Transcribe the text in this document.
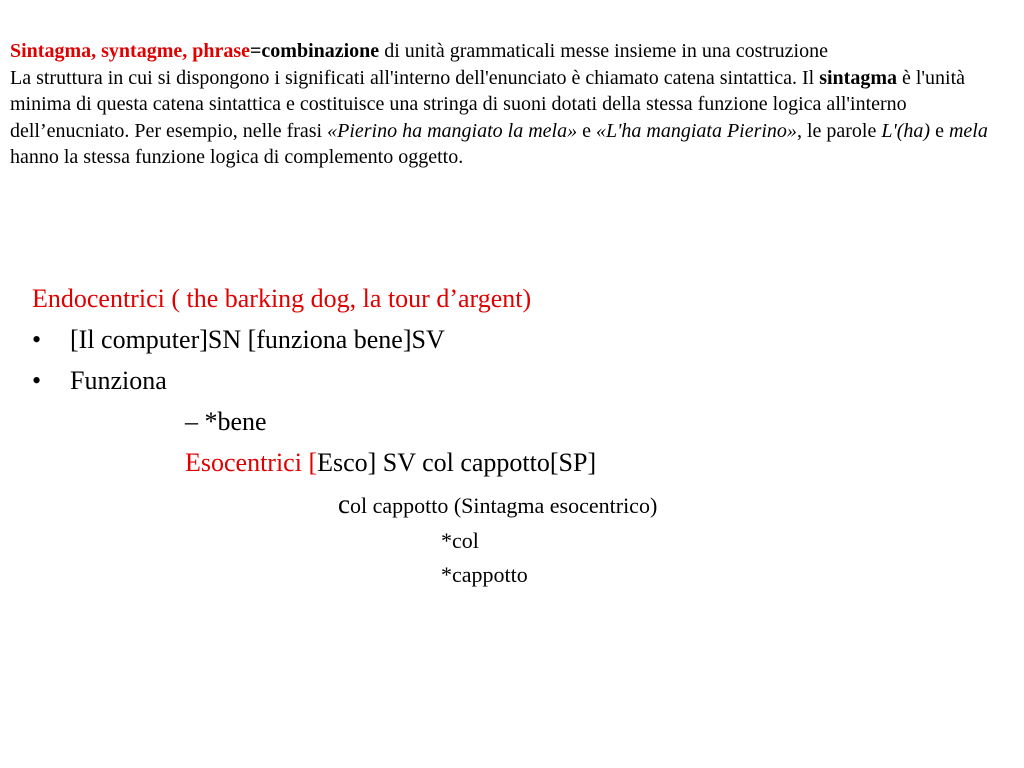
Sintagma, syntagme, phrase=combinazione di unità grammaticali messe insieme in una costruzione

La struttura in cui si dispongono i significati all'interno dell'enunciato è chiamato catena sintattica. Il sintagma è l'unità minima di questa catena sintattica e costituisce una stringa di suoni dotati della stessa funzione logica all'interno dell’enucniato. Per esempio, nelle frasi «Pierino ha mangiato la mela» e «L'ha mangiata Pierino», le parole L'(ha) e mela hanno la stessa funzione logica di complemento oggetto.

Endocentrici ( the barking dog, la tour d’argent)
• [Il computer]SN [funziona bene]SV
• Funziona
– *bene
Esocentrici [Esco] SV col cappotto[SP]
col cappotto (Sintagma esocentrico)
*col
*cappotto
